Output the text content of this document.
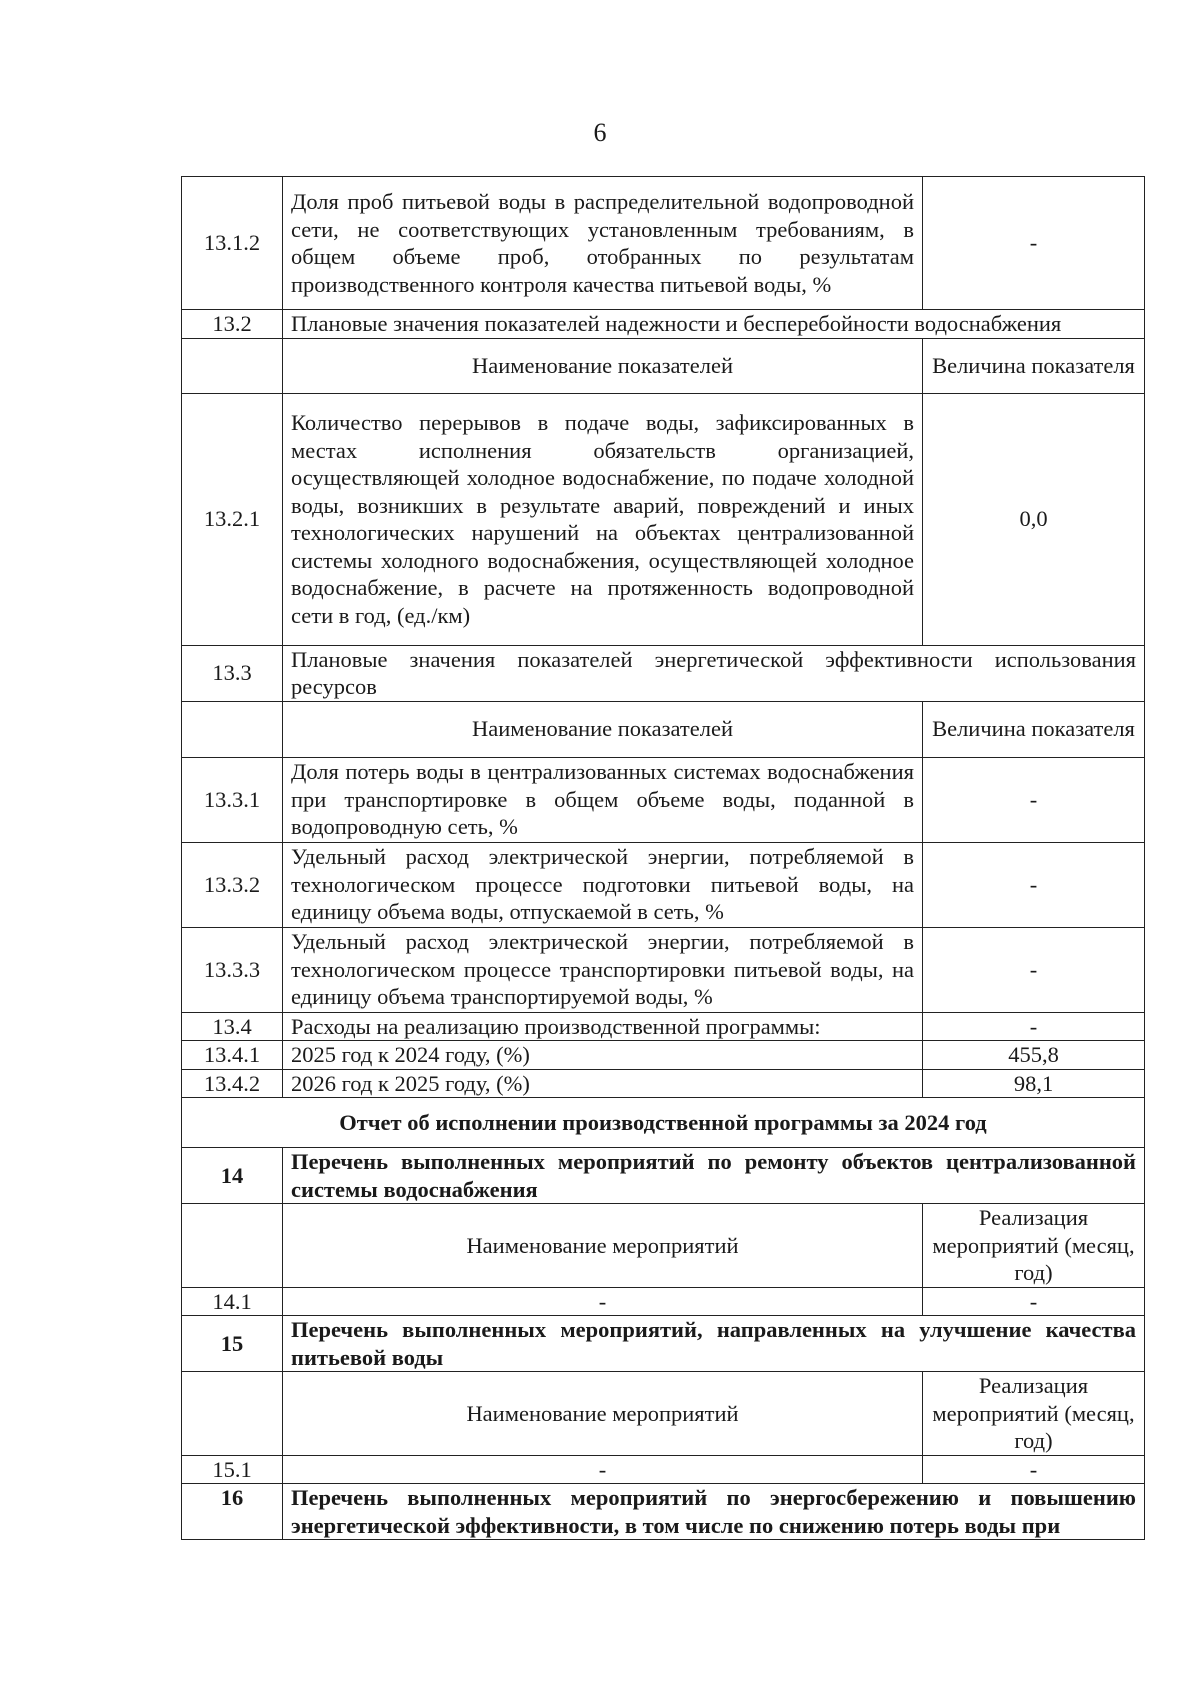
6
13.1.2	Доля проб питьевой воды в распределительной водопроводной сети, не соответствующих установленным требованиям, в общем объеме проб, отобранных по результатам производственного контроля качества питьевой воды, %	-
13.2	Плановые значения показателей надежности и бесперебойности водоснабжения	
	Наименование показателей	Величина показателя
13.2.1	Количество перерывов в подаче воды, зафиксированных в местах исполнения обязательств организацией, осуществляющей холодное водоснабжение, по подаче холодной воды, возникших в результате аварий, повреждений и иных технологических нарушений на объектах централизованной системы холодного водоснабжения, осуществляющей холодное водоснабжение, в расчете на протяженность водопроводной сети в год, (ед./км)	0,0
13.3	Плановые значения показателей энергетической эффективности использования ресурсов	
	Наименование показателей	Величина показателя
13.3.1	Доля потерь воды в централизованных системах водоснабжения при транспортировке в общем объеме воды, поданной в водопроводную сеть, %	-
13.3.2	Удельный расход электрической энергии, потребляемой в технологическом процессе подготовки питьевой воды, на единицу объема воды, отпускаемой в сеть, %	-
13.3.3	Удельный расход электрической энергии, потребляемой в технологическом процессе транспортировки питьевой воды, на единицу объема транспортируемой воды, %	-
13.4	Расходы на реализацию производственной программы:	-
13.4.1	2025 год к 2024 году, (%)	455,8
13.4.2	2026 год к 2025 году, (%)	98,1
Отчет об исполнении производственной программы за 2024 год		
14	Перечень выполненных мероприятий по ремонту объектов централизованной системы водоснабжения	
	Наименование мероприятий	Реализация мероприятий (месяц, год)
14.1	-	-
15	Перечень выполненных мероприятий, направленных на улучшение качества питьевой воды	
	Наименование мероприятий	Реализация мероприятий (месяц, год)
15.1	-	-
16	Перечень выполненных мероприятий по энергосбережению и повышению энергетической эффективности, в том числе по снижению потерь воды при	
